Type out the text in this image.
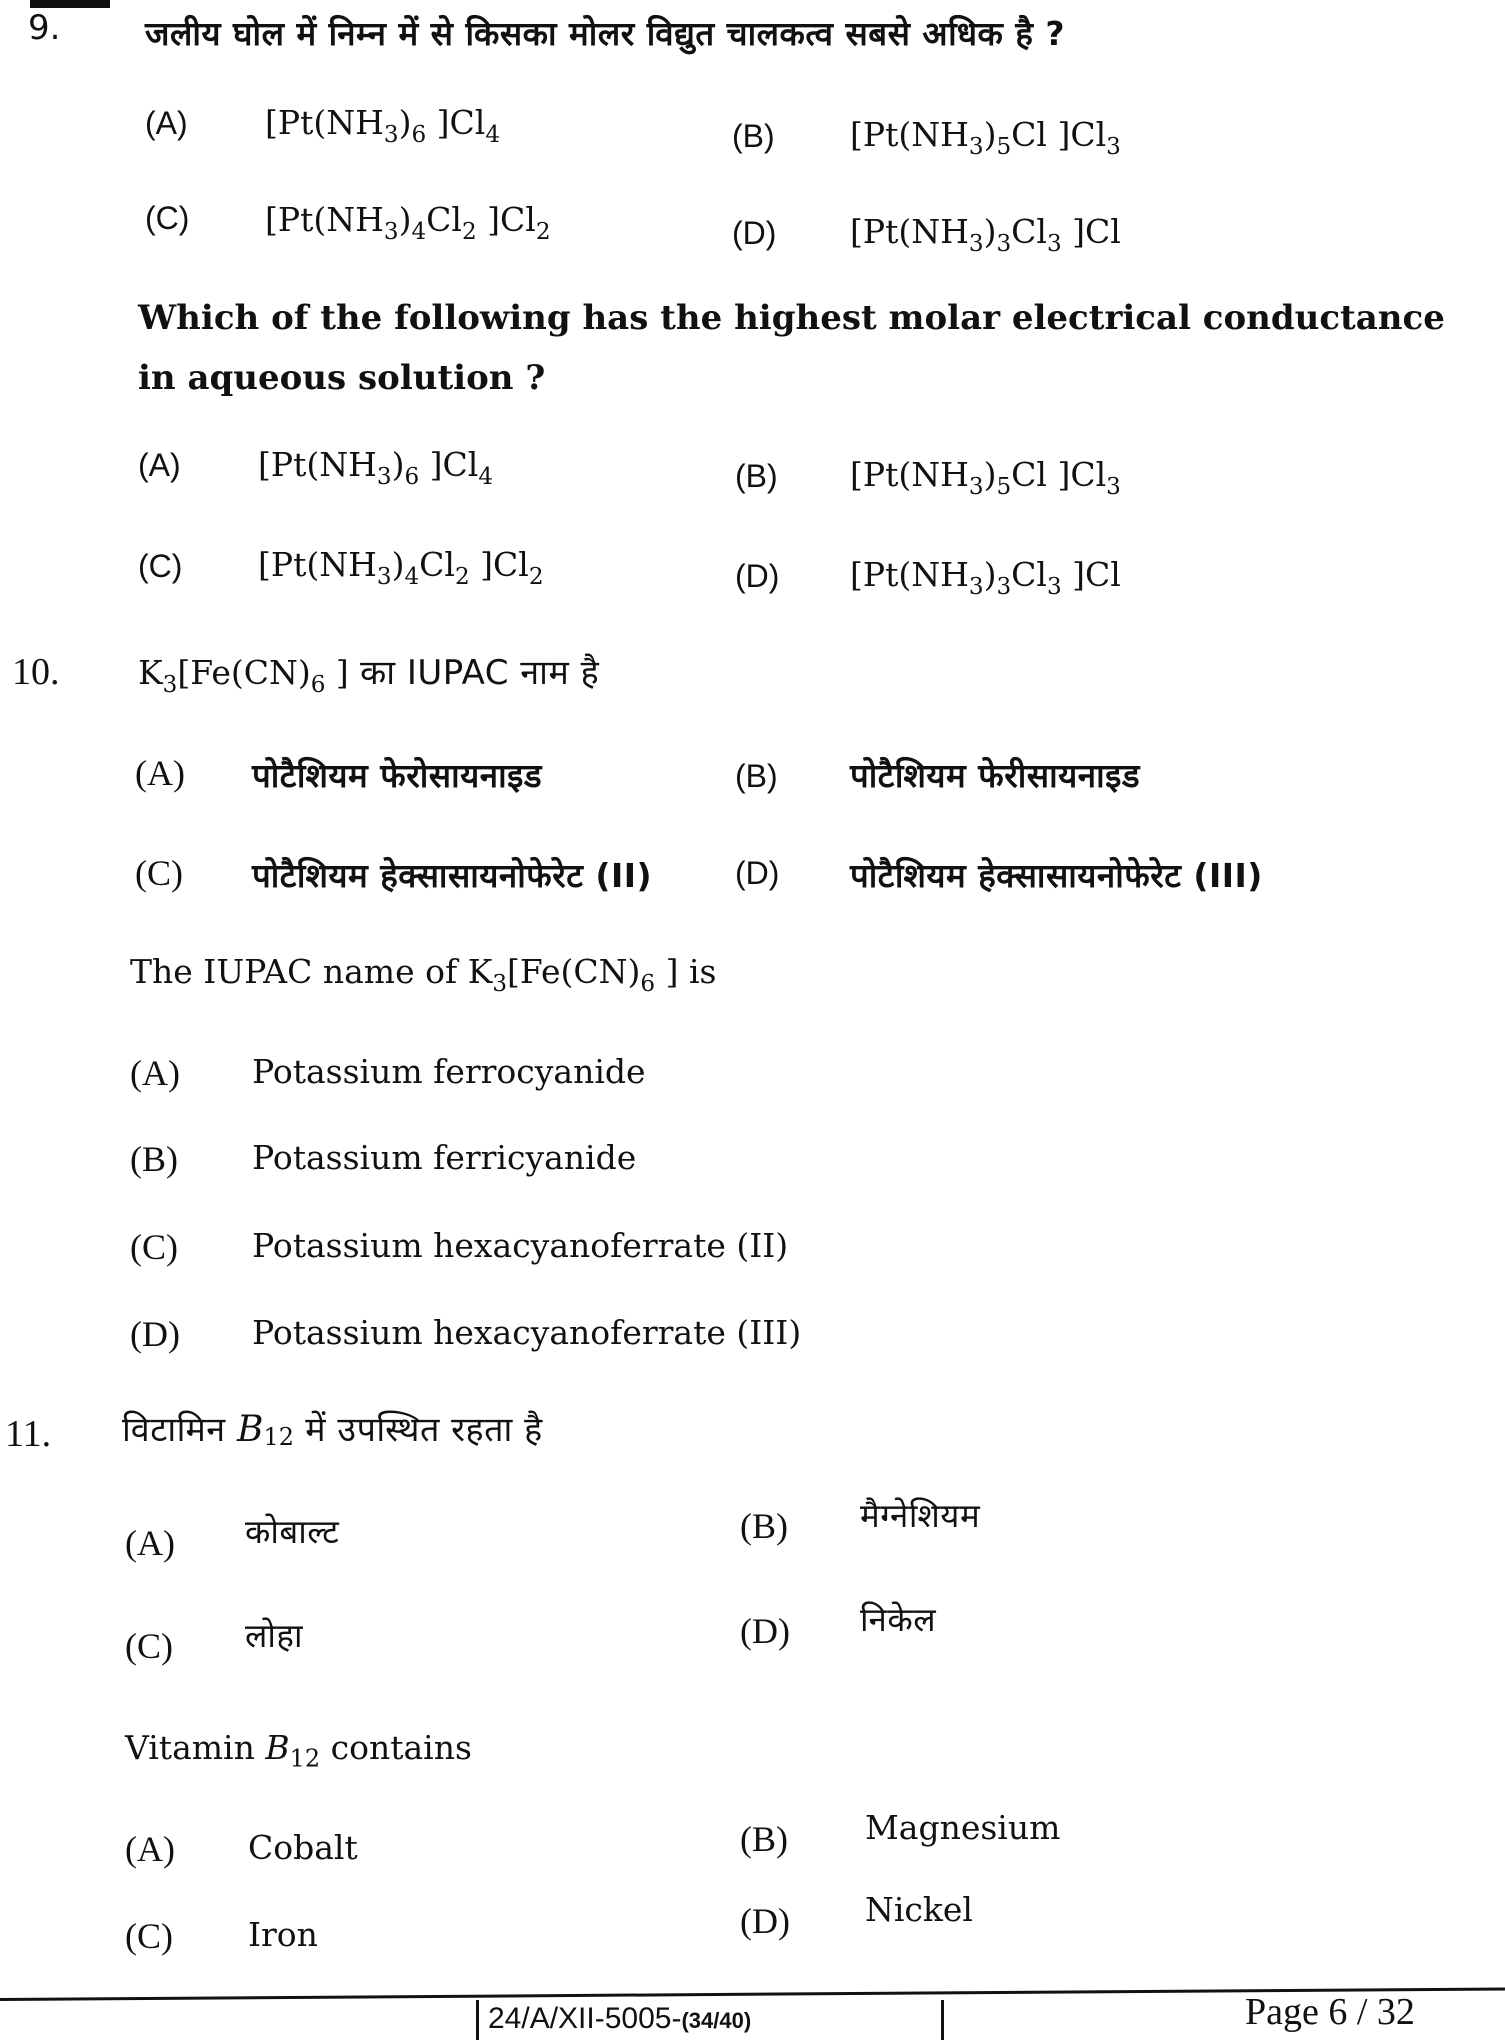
9.	जलीय घोल में निम्न में से किसका मोलर विद्युत चालकत्व सबसे अधिक है ?
(A) [$Pt(NH_3)_6$ ]$Cl_4$	(B) [$Pt(NH_3)_5Cl$ ]$Cl_3$
(C) [$Pt(NH_3)_4Cl_2$ ]$Cl_2$	(D) [$Pt(NH_3)_3Cl_3$ ]Cl
Which of the following has the highest molar electrical conductance
in aqueous solution ?
(A) [$Pt(NH_3)_6$ ]$Cl_4$	(B) [$Pt(NH_3)_5Cl$ ]$Cl_3$
(C) [$Pt(NH_3)_4Cl_2$ ]$Cl_2$	(D) [$Pt(NH_3)_3Cl_3$ ]Cl
10. $K_3[Fe(CN)_6$ ] का IUPAC नाम है
(A) पोटैशियम फेरोसायनाइड	(B) पोटैशियम फेरीसायनाइड
(C) पोटैशियम हेक्सासायनोफेरेट (II)	(D) पोटैशियम हेक्सासायनोफेरेट (III)
The IUPAC name of $K_3[Fe(CN)_6$ ] is
(A) Potassium ferrocyanide
(B) Potassium ferricyanide
(C) Potassium hexacyanoferrate (II)
(D) Potassium hexacyanoferrate (III)
11. विटामिन $B_{12}$ में उपस्थित रहता है
(A) कोबाल्ट	(B) मैग्नेशियम
(C) लोहा	(D) निकेल
Vitamin $B_{12}$ contains
(A) Cobalt	(B) Magnesium
(C) Iron	(D) Nickel
24/A/XII-5005-(34/40)	Page 6 / 32
